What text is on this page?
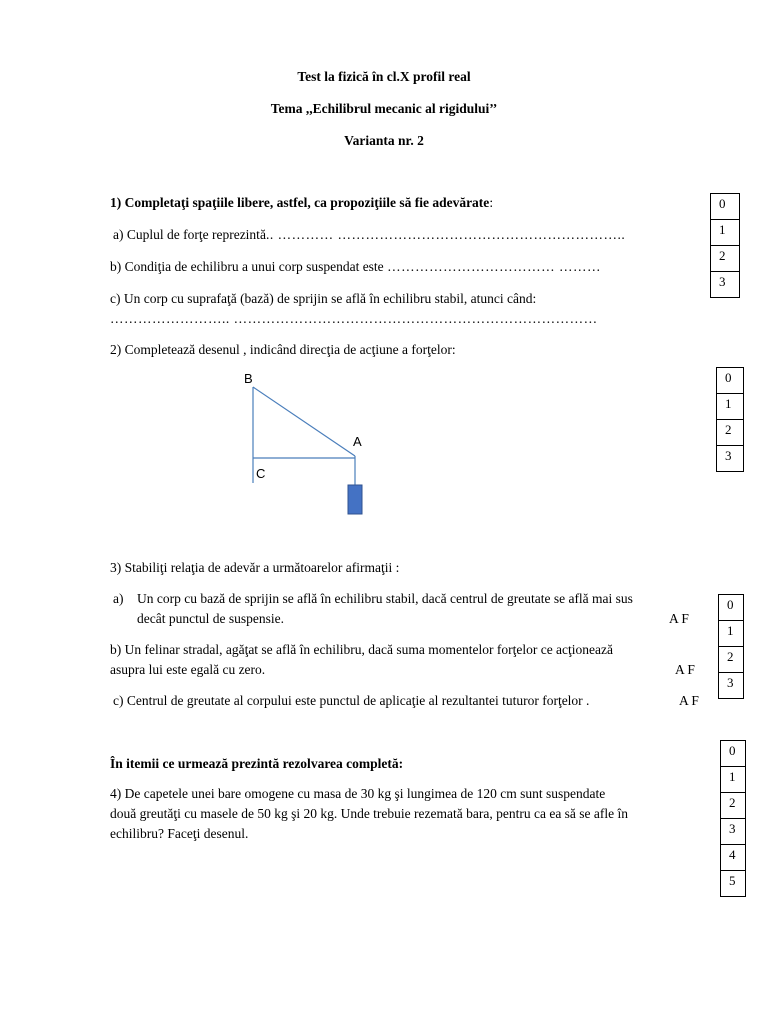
Test la fizică în cl.X profil real
Tema ,,Echilibrul mecanic al rigidului’’
Varianta nr. 2
1) Completaţi spaţiile libere, astfel, ca propoziţiile să fie adevărate:
a) Cuplul de forţe reprezintă.. ………… ……………………………………………………..
b) Condiţia de echilibru a unui corp suspendat este ……………………………… ………
c) Un corp cu suprafaţă (bază) de sprijin se află în echilibru stabil, atunci când:
…………………….. ……………………………………………………………………
0
1
2
3
2) Completează desenul , indicând direcţia de acţiune a forţelor:
B
A
C
0
1
2
3
3) Stabiliţi relaţia de adevăr a următoarelor afirmaţii :
a) Un corp cu bază de sprijin se află în echilibru stabil, dacă centrul de greutate se află mai sus
decât punctul de suspensie.	A F
b) Un felinar stradal, agăţat se află în echilibru, dacă suma momentelor forţelor ce acţionează
asupra lui este egală cu zero.	A F
c) Centrul de greutate al corpului este punctul de aplicaţie al rezultantei tuturor forţelor .	A F
0
1
2
3
În itemii ce urmează prezintă rezolvarea completă:
4) De capetele unei bare omogene cu masa de 30 kg şi lungimea de 120 cm sunt suspendate
două greutăţi cu masele de 50 kg şi 20 kg. Unde trebuie rezemată bara, pentru ca ea să se afle în
echilibru? Faceţi desenul.
0
1
2
3
4
5
